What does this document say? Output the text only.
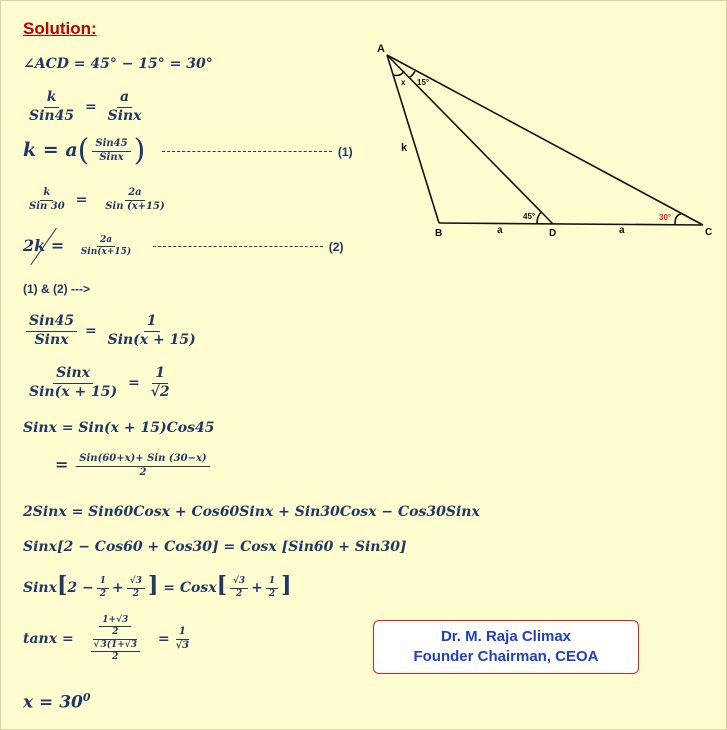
Solution:
∠ACD = 45° − 15° = 30°
$\frac{k}{\text{Sin45}} = \frac{a}{\text{Sinx}}$
$k = a( \frac{\text{Sin45}}{\text{Sinx}}$ )	(1)
$\frac{k}{\text{Sin 30}} = \frac{2a}{\text{Sin (x+15)}}$
$2k = \frac{2a}{\text{Sin(x+15)}}$	(2)
(1) & (2) --->
$\frac{\text{Sin45}}{\text{Sinx}} = \frac{1}{\text{Sin(x + 15)}}$
$\frac{\text{Sinx}}{\text{Sin(x + 15)}} = \frac{1}{√2}$
Sinx = Sin(x + 15)Cos45
= $\frac{\text{Sin(60+x)+ Sin (30−x)}}{2}$
2Sinx = Sin60Cosx + Cos60Sinx + Sin30Cosx − Cos30Sinx
Sinx[2 − Cos60 + Cos30] = Cosx [Sin60 + Sin30]
Sinx[2 − $\frac{1}{2} + \frac{√3}{2}$ ] = Cosx[ $\frac{√3}{2} + \frac{1}{2}$ ]
$\tan x = \frac{\frac{1+√3}{2}}{\frac{√3(1+√3}{2}} = \frac{1}{√3}$
$x = 30^0$
A
B	D	C
k
a	a
x 15°
45°	30°
Dr. M. Raja Climax
Founder Chairman, CEOA
